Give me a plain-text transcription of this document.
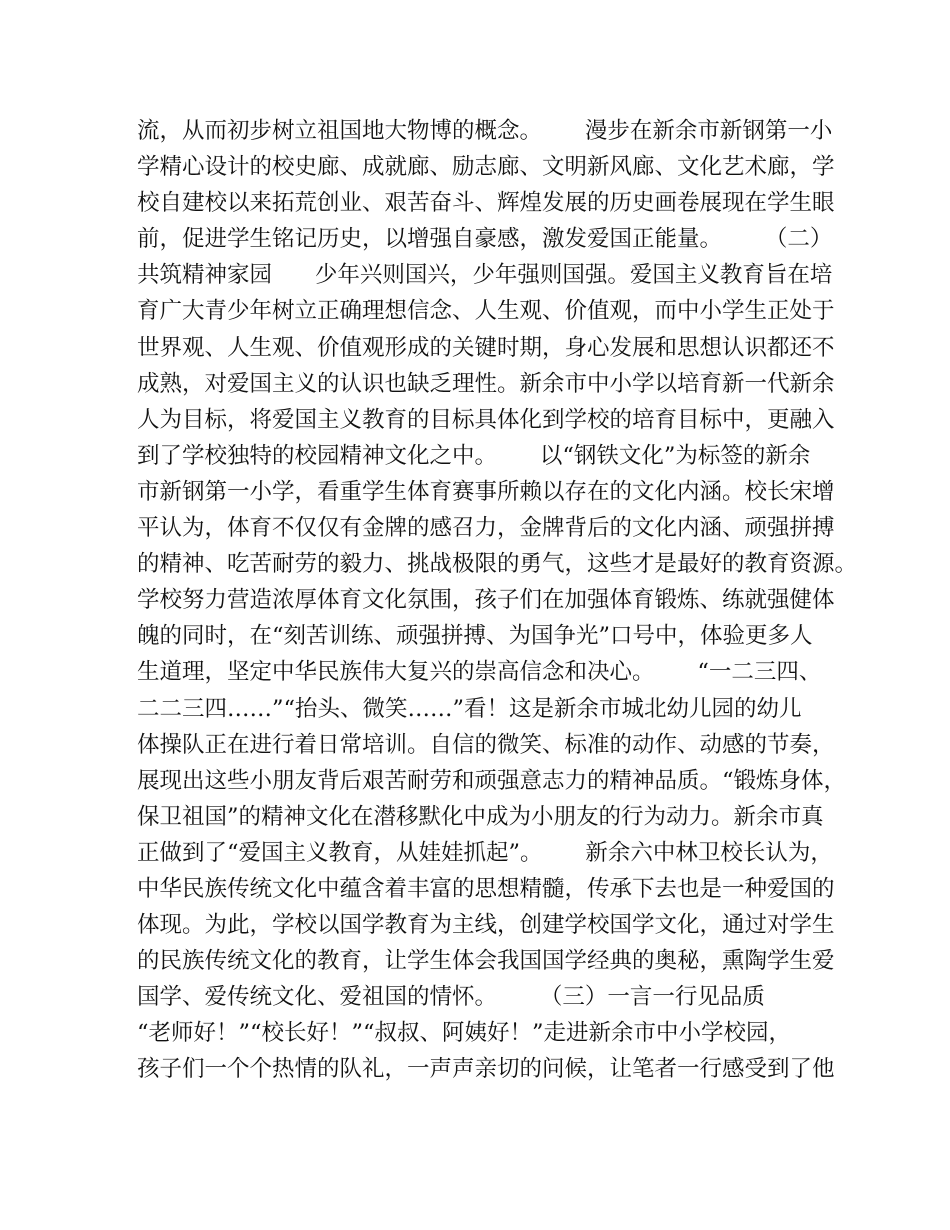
流，从而初步树立祖国地大物博的概念。      漫步在新余市新钢第一小
学精心设计的校史廊、成就廊、励志廊、文明新风廊、文化艺术廊，学
校自建校以来拓荒创业、艰苦奋斗、辉煌发展的历史画卷展现在学生眼
前，促进学生铭记历史，以增强自豪感，激发爱国正能量。      （二）
共筑精神家园      少年兴则国兴，少年强则国强。爱国主义教育旨在培
育广大青少年树立正确理想信念、人生观、价值观，而中小学生正处于
世界观、人生观、价值观形成的关键时期，身心发展和思想认识都还不
成熟，对爱国主义的认识也缺乏理性。新余市中小学以培育新一代新余
人为目标，将爱国主义教育的目标具体化到学校的培育目标中，更融入
到了学校独特的校园精神文化之中。      以“钢铁文化”为标签的新余
市新钢第一小学，看重学生体育赛事所赖以存在的文化内涵。校长宋增
平认为，体育不仅仅有金牌的感召力，金牌背后的文化内涵、顽强拼搏
的精神、吃苦耐劳的毅力、挑战极限的勇气，这些才是最好的教育资源。
学校努力营造浓厚体育文化氛围，孩子们在加强体育锻炼、练就强健体
魄的同时，在“刻苦训练、顽强拼搏、为国争光”口号中，体验更多人
生道理，坚定中华民族伟大复兴的崇高信念和决心。      “一二三四、
二二三四……”“抬头、微笑……”看！这是新余市城北幼儿园的幼儿
体操队正在进行着日常培训。自信的微笑、标准的动作、动感的节奏，
展现出这些小朋友背后艰苦耐劳和顽强意志力的精神品质。“锻炼身体，
保卫祖国”的精神文化在潜移默化中成为小朋友的行为动力。新余市真
正做到了“爱国主义教育，从娃娃抓起”。      新余六中林卫校长认为，
中华民族传统文化中蕴含着丰富的思想精髓，传承下去也是一种爱国的
体现。为此，学校以国学教育为主线，创建学校国学文化，通过对学生
的民族传统文化的教育，让学生体会我国国学经典的奥秘，熏陶学生爱
国学、爱传统文化、爱祖国的情怀。      （三）一言一行见品质
“老师好！”“校长好！”“叔叔、阿姨好！”走进新余市中小学校园，
孩子们一个个热情的队礼，一声声亲切的问候，让笔者一行感受到了他
